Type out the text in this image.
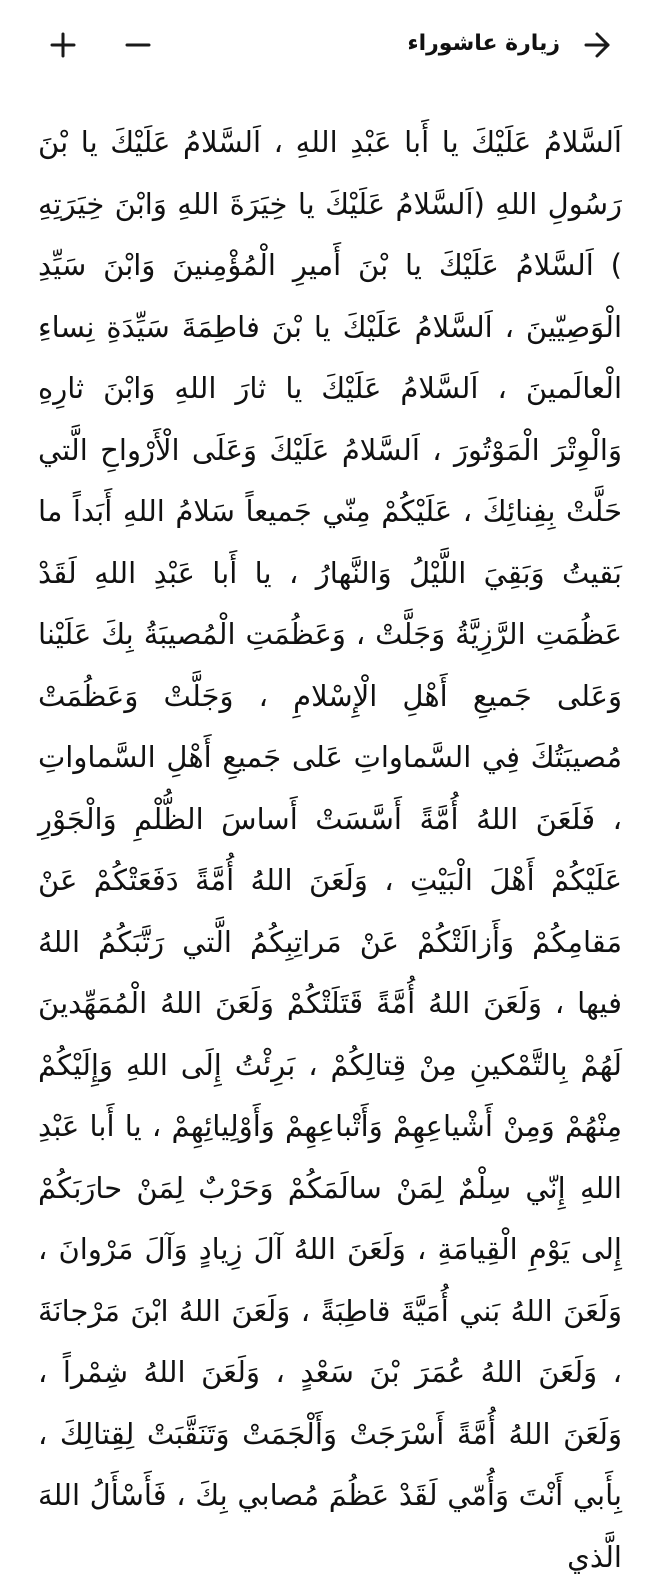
زيارة عاشوراء

اَلسَّلامُ عَلَيْكَ يا أَبا عَبْدِ اللهِ ، اَلسَّلامُ عَلَيْكَ يا بْنَ رَسُولِ اللهِ (اَلسَّلامُ عَلَيْكَ يا خِيَرَةَ اللهِ وَابْنَ خِيَرَتِهِ ) اَلسَّلامُ عَلَيْكَ يا بْنَ أَميرِ الْمُؤْمِنينَ وَابْنَ سَيِّدِ الْوَصِيّينَ ، اَلسَّلامُ عَلَيْكَ يا بْنَ فاطِمَةَ سَيِّدَةِ نِساءِ الْعالَمينَ ، اَلسَّلامُ عَلَيْكَ يا ثارَ اللهِ وَابْنَ ثارِهِ وَالْوِتْرَ الْمَوْتُورَ ، اَلسَّلامُ عَلَيْكَ وَعَلَى الْأَرْواحِ الَّتي حَلَّتْ بِفِنائِكَ ، عَلَيْكُمْ مِنّي جَميعاً سَلامُ اللهِ أَبَداً ما بَقيتُ وَبَقِيَ اللَّيْلُ وَالنَّهارُ ، يا أَبا عَبْدِ اللهِ لَقَدْ عَظُمَتِ الرَّزِيَّةُ وَجَلَّتْ ، وَعَظُمَتِ الْمُصيبَةُ بِكَ عَلَيْنا وَعَلى جَميعِ أَهْلِ الْإِسْلامِ ، وَجَلَّتْ وَعَظُمَتْ مُصيبَتُكَ فِي السَّماواتِ عَلى جَميعِ أَهْلِ السَّماواتِ ، فَلَعَنَ اللهُ أُمَّةً أَسَّسَتْ أَساسَ الظُّلْمِ وَالْجَوْرِ عَلَيْكُمْ أَهْلَ الْبَيْتِ ، وَلَعَنَ اللهُ أُمَّةً دَفَعَتْكُمْ عَنْ مَقامِكُمْ وَأَزالَتْكُمْ عَنْ مَراتِبِكُمُ الَّتي رَتَّبَكُمُ اللهُ فيها ، وَلَعَنَ اللهُ أُمَّةً قَتَلَتْكُمْ وَلَعَنَ اللهُ الْمُمَهِّدينَ لَهُمْ بِالتَّمْكينِ مِنْ قِتالِكُمْ ، بَرِئْتُ إِلَى اللهِ وَإِلَيْكُمْ مِنْهُمْ وَمِنْ أَشْياعِهِمْ وَأَتْباعِهِمْ وَأَوْلِيائِهِمْ ، يا أَبا عَبْدِ اللهِ إِنّي سِلْمٌ لِمَنْ سالَمَكُمْ وَحَرْبٌ لِمَنْ حارَبَكُمْ إِلى يَوْمِ الْقِيامَةِ ، وَلَعَنَ اللهُ آلَ زِيادٍ وَآلَ مَرْوانَ ، وَلَعَنَ اللهُ بَني أُمَيَّةَ قاطِبَةً ، وَلَعَنَ اللهُ ابْنَ مَرْجانَةَ ، وَلَعَنَ اللهُ عُمَرَ بْنَ سَعْدٍ ، وَلَعَنَ اللهُ شِمْراً ، وَلَعَنَ اللهُ أُمَّةً أَسْرَجَتْ وَأَلْجَمَتْ وَتَنَقَّبَتْ لِقِتالِكَ ، بِأَبي أَنْتَ وَأُمّي لَقَدْ عَظُمَ مُصابي بِكَ ، فَأَسْأَلُ اللهَ الَّذي
